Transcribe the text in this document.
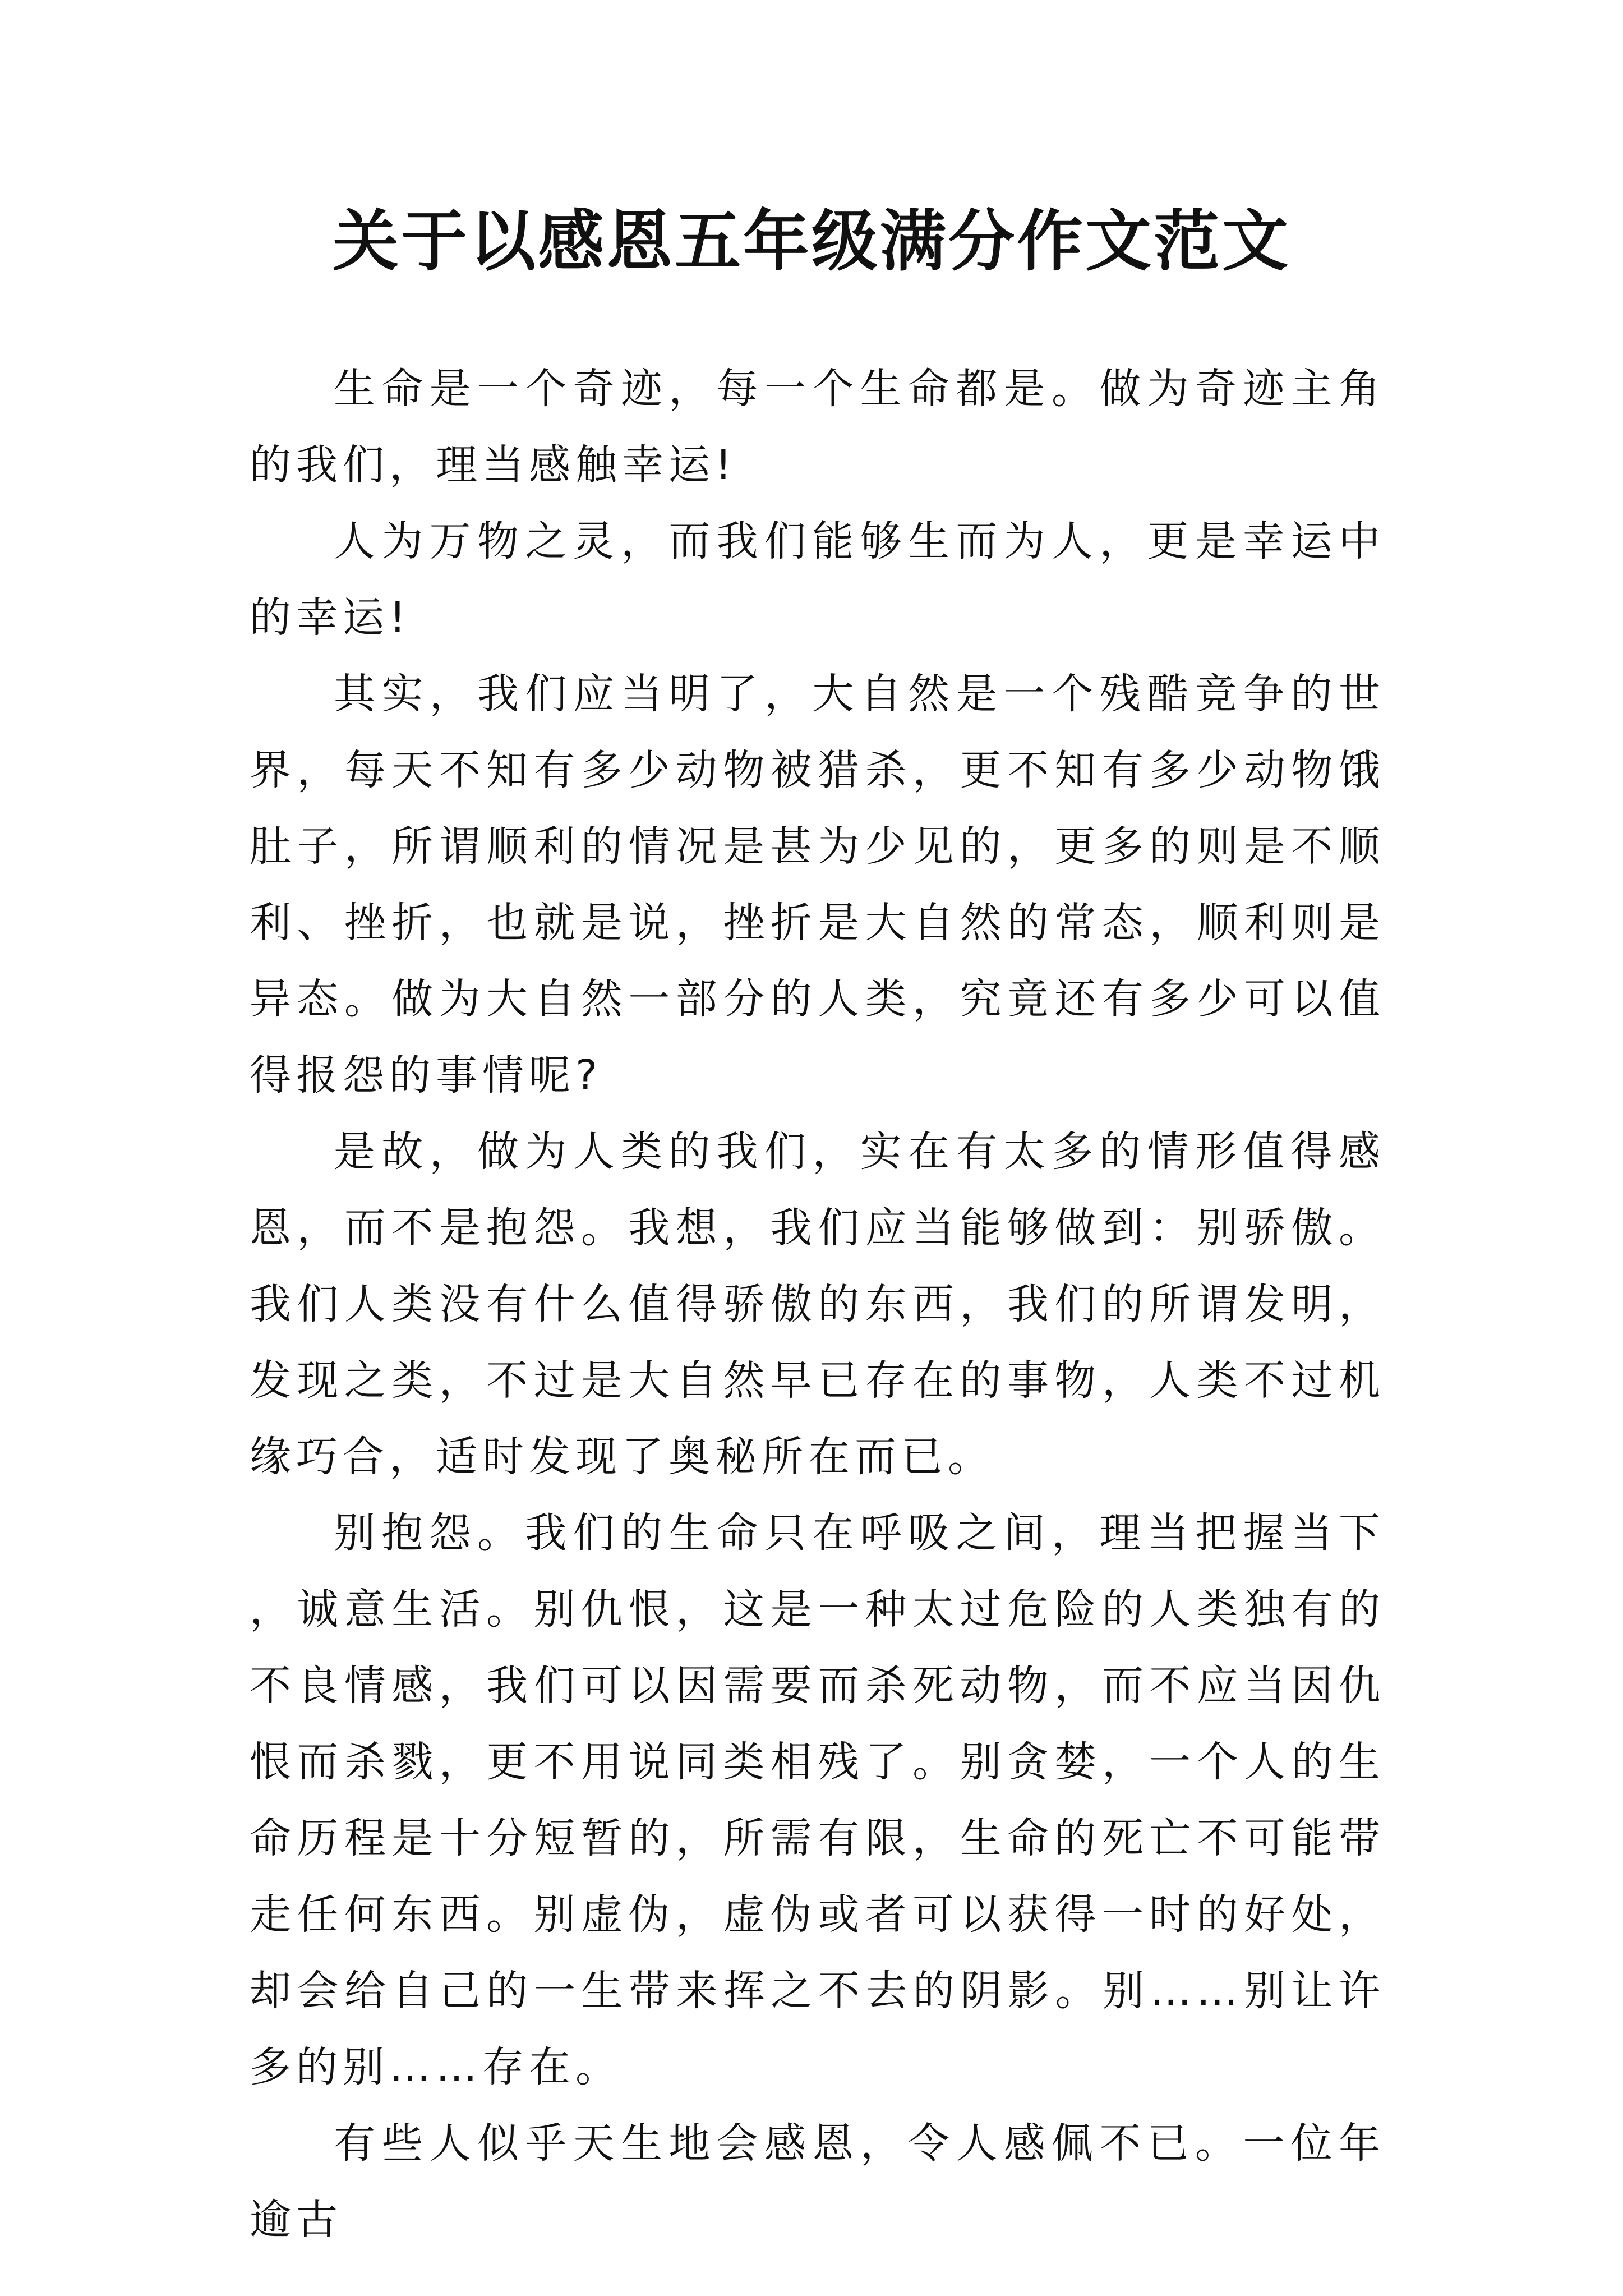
关于以感恩五年级满分作文范文

生命是一个奇迹，每一个生命都是。做为奇迹主角的我们，理当感触幸运!

人为万物之灵，而我们能够生而为人，更是幸运中的幸运!

其实，我们应当明了，大自然是一个残酷竞争的世界，每天不知有多少动物被猎杀，更不知有多少动物饿肚子，所谓顺利的情况是甚为少见的，更多的则是不顺利、挫折，也就是说，挫折是大自然的常态，顺利则是异态。做为大自然一部分的人类，究竟还有多少可以值得报怨的事情呢?

是故，做为人类的我们，实在有太多的情形值得感恩，而不是抱怨。我想，我们应当能够做到：别骄傲。我们人类没有什么值得骄傲的东西，我们的所谓发明，发现之类，不过是大自然早已存在的事物，人类不过机缘巧合，适时发现了奥秘所在而已。

别抱怨。我们的生命只在呼吸之间，理当把握当下，诚意生活。别仇恨，这是一种太过危险的人类独有的不良情感，我们可以因需要而杀死动物，而不应当因仇恨而杀戮，更不用说同类相残了。别贪婪，一个人的生命历程是十分短暂的，所需有限，生命的死亡不可能带走任何东西。别虚伪，虚伪或者可以获得一时的好处，却会给自己的一生带来挥之不去的阴影。别……别让许多的别……存在。

有些人似乎天生地会感恩，令人感佩不已。一位年逾古
